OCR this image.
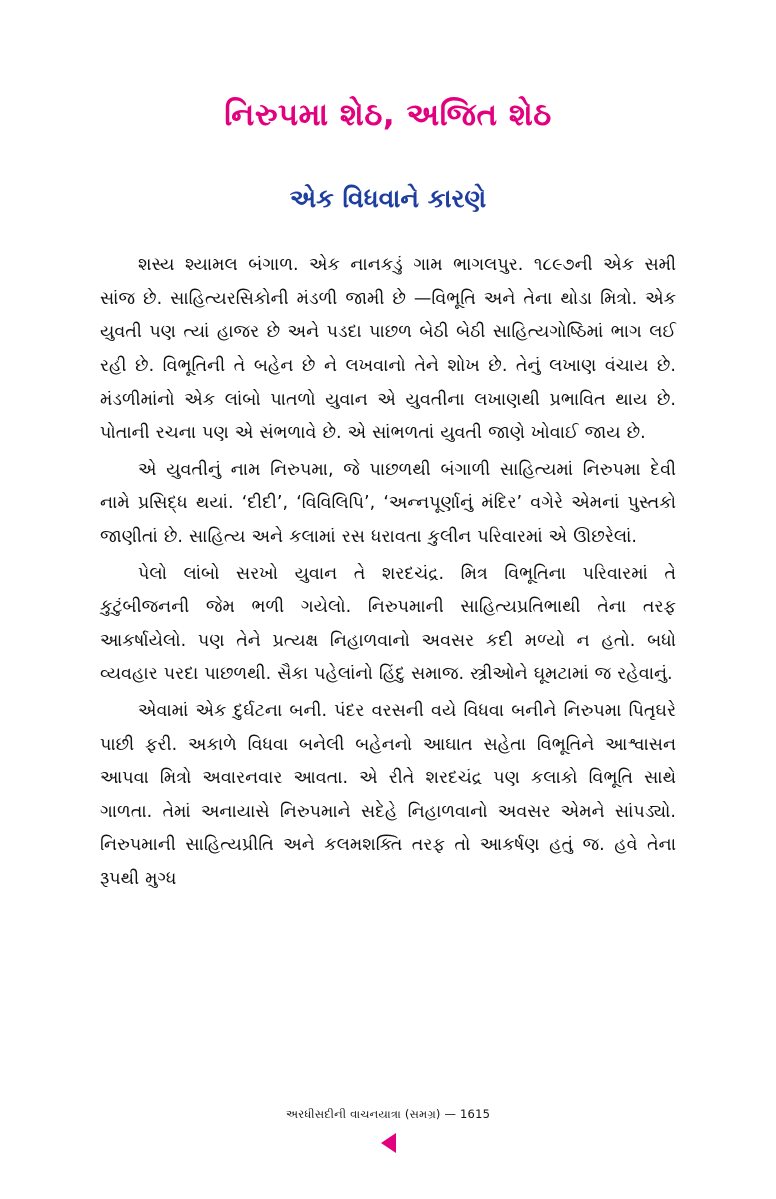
નિરુપમા શેઠ, અજિત શેઠ
એક વિધવાને કારણે

શસ્ય શ્યામલ બંગાળ. એક નાનકડું ગામ ભાગલપુર. ૧૮૯૭ની એક સમી સાંજ છે. સાહિત્યરસિકોની મંડળી જામી છે —વિભૂતિ અને તેના થોડા મિત્રો. એક યુવતી પણ ત્યાં હાજર છે અને પડદા પાછળ બેઠી બેઠી સાહિત્યગોષ્ઠિમાં ભાગ લઈ રહી છે. વિભૂતિની તે બહેન છે ને લખવાનો તેને શોખ છે. તેનું લખાણ વંચાય છે. મંડળીમાંનો એક લાંબો પાતળો યુવાન એ યુવતીના લખાણથી પ્રભાવિત થાય છે. પોતાની રચના પણ એ સંભળાવે છે. એ સાંભળતાં યુવતી જાણે ખોવાઈ જાય છે.

એ યુવતીનું નામ નિરુપમા, જે પાછળથી બંગાળી સાહિત્યમાં નિરુપમા દેવી નામે પ્રસિદ્ધ થયાં. ‘દીદી’, ‘વિવિલિપિ’, ‘અન્નપૂર્ણાનું મંદિર’ વગેરે એમનાં પુસ્તકો જાણીતાં છે. સાહિત્ય અને કલામાં રસ ધરાવતા કુલીન પરિવારમાં એ ઊછરેલાં.

પેલો લાંબો સરખો યુવાન તે શરદચંદ્ર. મિત્ર વિભૂતિના પરિવારમાં તે કુટુંબીજનની જેમ ભળી ગયેલો. નિરુપમાની સાહિત્યપ્રતિભાથી તેના તરફ આકર્ષાયેલો. પણ તેને પ્રત્યક્ષ નિહાળવાનો અવસર કદી મળ્યો ન હતો. બધો વ્યવહાર પરદા પાછળથી. સૈકા પહેલાંનો હિંદુ સમાજ. સ્ત્રીઓને ઘૂમટામાં જ રહેવાનું.

એવામાં એક દુર્ઘટના બની. પંદર વરસની વયે વિધવા બનીને નિરુપમા પિતૃઘરે પાછી ફરી. અકાળે વિધવા બનેલી બહેનનો આઘાત સહેતા વિભૂતિને આશ્વાસન આપવા મિત્રો અવારનવાર આવતા. એ રીતે શરદચંદ્ર પણ કલાકો વિભૂતિ સાથે ગાળતા. તેમાં અનાયાસે નિરુપમાને સદેહે નિહાળવાનો અવસર એમને સાંપડ્યો. નિરુપમાની સાહિત્યપ્રીતિ અને કલમશક્તિ તરફ તો આકર્ષણ હતું જ. હવે તેના રૂપથી મુગ્ધ

અરધીસદીની વાચનયાત્રા (સમગ્ર) — 1615
